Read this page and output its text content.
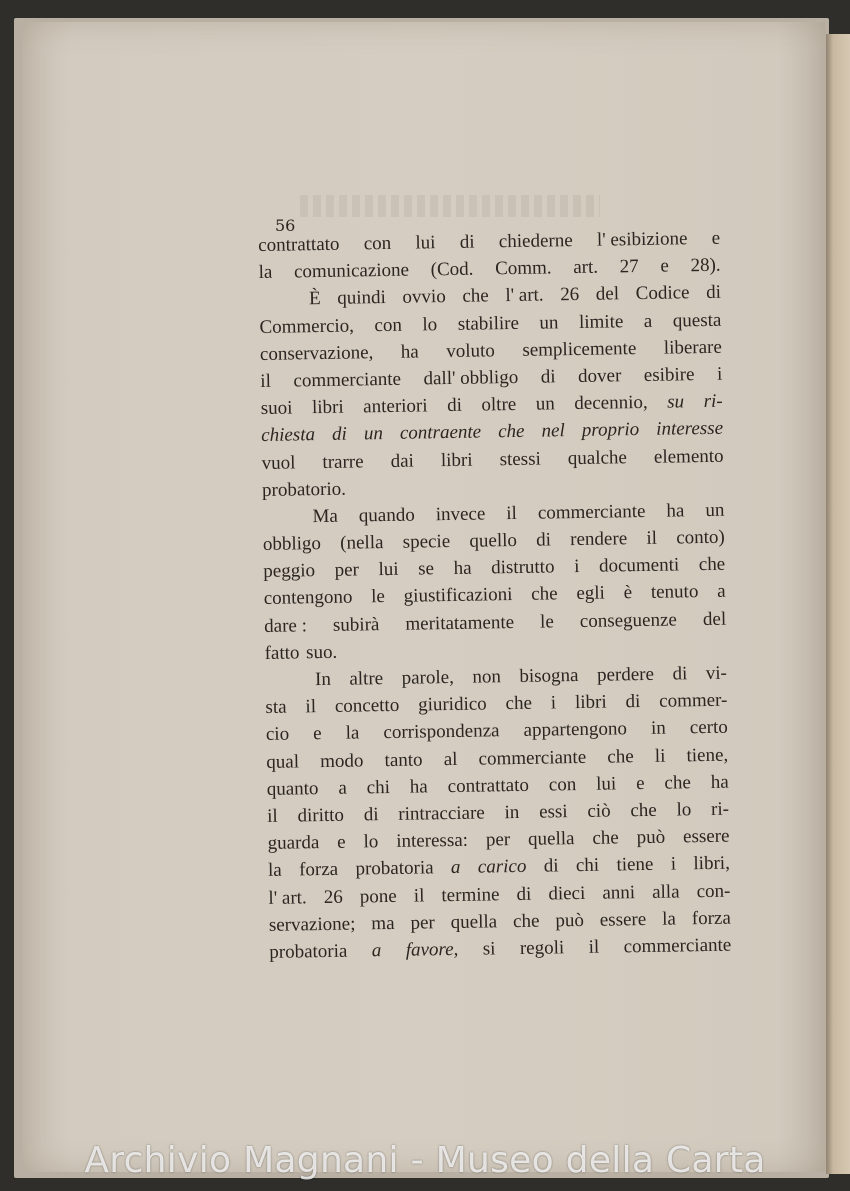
56
contrattato con lui di chiederne l' esibizione e
la comunicazione (Cod. Comm. art. 27 e 28).
È quindi ovvio che l' art. 26 del Codice di
Commercio, con lo stabilire un limite a questa
conservazione, ha voluto semplicemente liberare
il commerciante dall' obbligo di dover esibire i
suoi libri anteriori di oltre un decennio, su ri-
chiesta di un contraente che nel proprio interesse
vuol trarre dai libri stessi qualche elemento
probatorio.
Ma quando invece il commerciante ha un
obbligo (nella specie quello di rendere il conto)
peggio per lui se ha distrutto i documenti che
contengono le giustificazioni che egli è tenuto a
dare : subirà meritatamente le conseguenze del
fatto suo.
In altre parole, non bisogna perdere di vi-
sta il concetto giuridico che i libri di commer-
cio e la corrispondenza appartengono in certo
qual modo tanto al commerciante che li tiene,
quanto a chi ha contrattato con lui e che ha
il diritto di rintracciare in essi ciò che lo ri-
guarda e lo interessa: per quella che può essere
la forza probatoria a carico di chi tiene i libri,
l' art. 26 pone il termine di dieci anni alla con-
servazione; ma per quella che può essere la forza
probatoria a favore, si regoli il commerciante
Archivio Magnani - Museo della Carta
